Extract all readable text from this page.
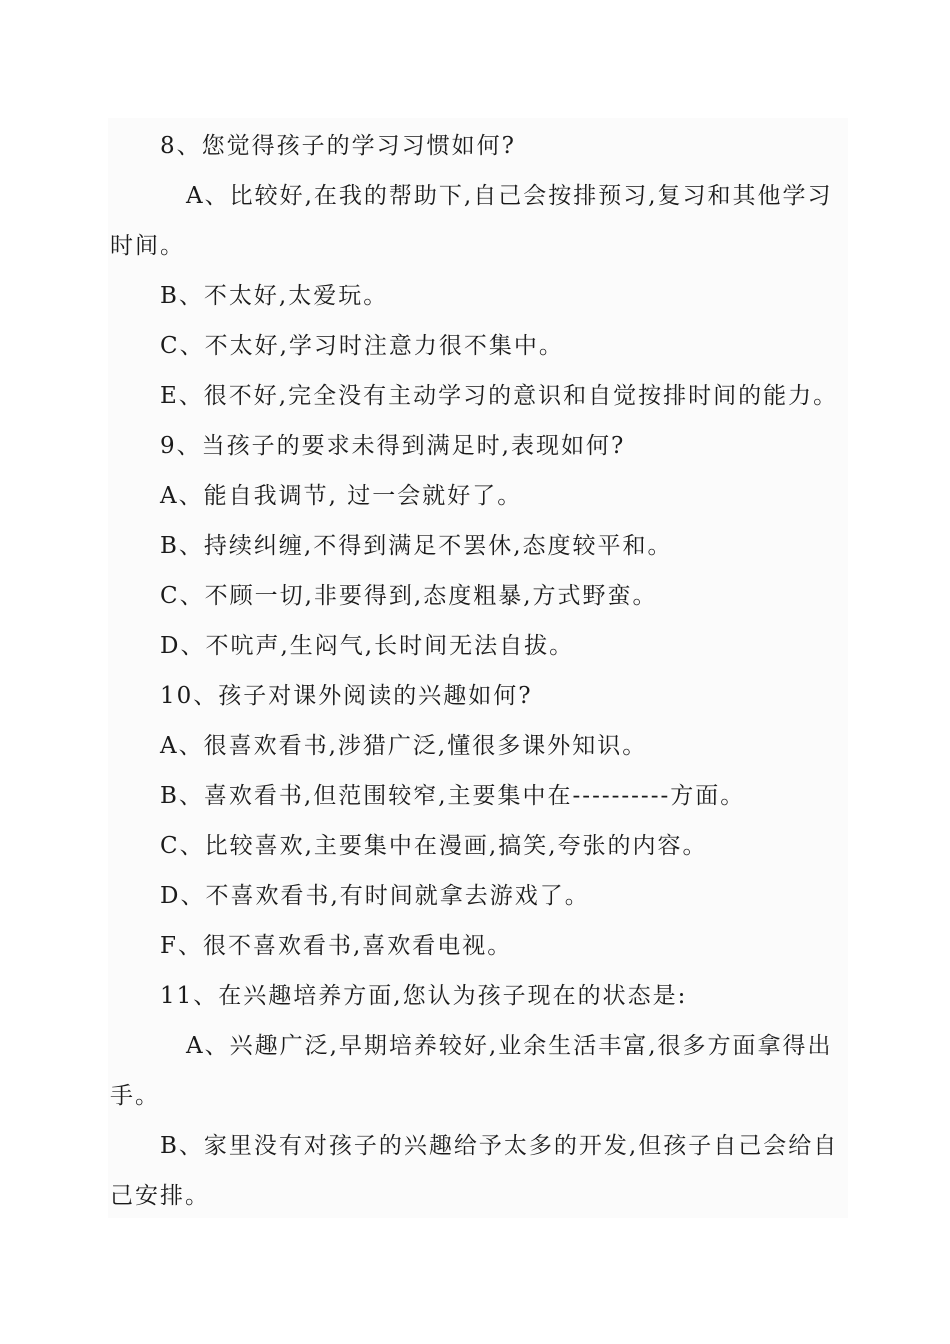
8、您觉得孩子的学习习惯如何?
A、比较好,在我的帮助下,自己会按排预习,复习和其他学习
时间。
B、不太好,太爱玩。
C、不太好,学习时注意力很不集中。
E、很不好,完全没有主动学习的意识和自觉按排时间的能力。
9、当孩子的要求未得到满足时,表现如何?
A、能自我调节, 过一会就好了。
B、持续纠缠,不得到满足不罢休,态度较平和。
C、不顾一切,非要得到,态度粗暴,方式野蛮。
D、不吭声,生闷气,长时间无法自拔。
10、孩子对课外阅读的兴趣如何?
A、很喜欢看书,涉猎广泛,懂很多课外知识。
B、喜欢看书,但范围较窄,主要集中在----------方面。
C、比较喜欢,主要集中在漫画,搞笑,夸张的内容。
D、不喜欢看书,有时间就拿去游戏了。
F、很不喜欢看书,喜欢看电视。
11、在兴趣培养方面,您认为孩子现在的状态是:
A、兴趣广泛,早期培养较好,业余生活丰富,很多方面拿得出
手。
B、家里没有对孩子的兴趣给予太多的开发,但孩子自己会给自
己安排。
